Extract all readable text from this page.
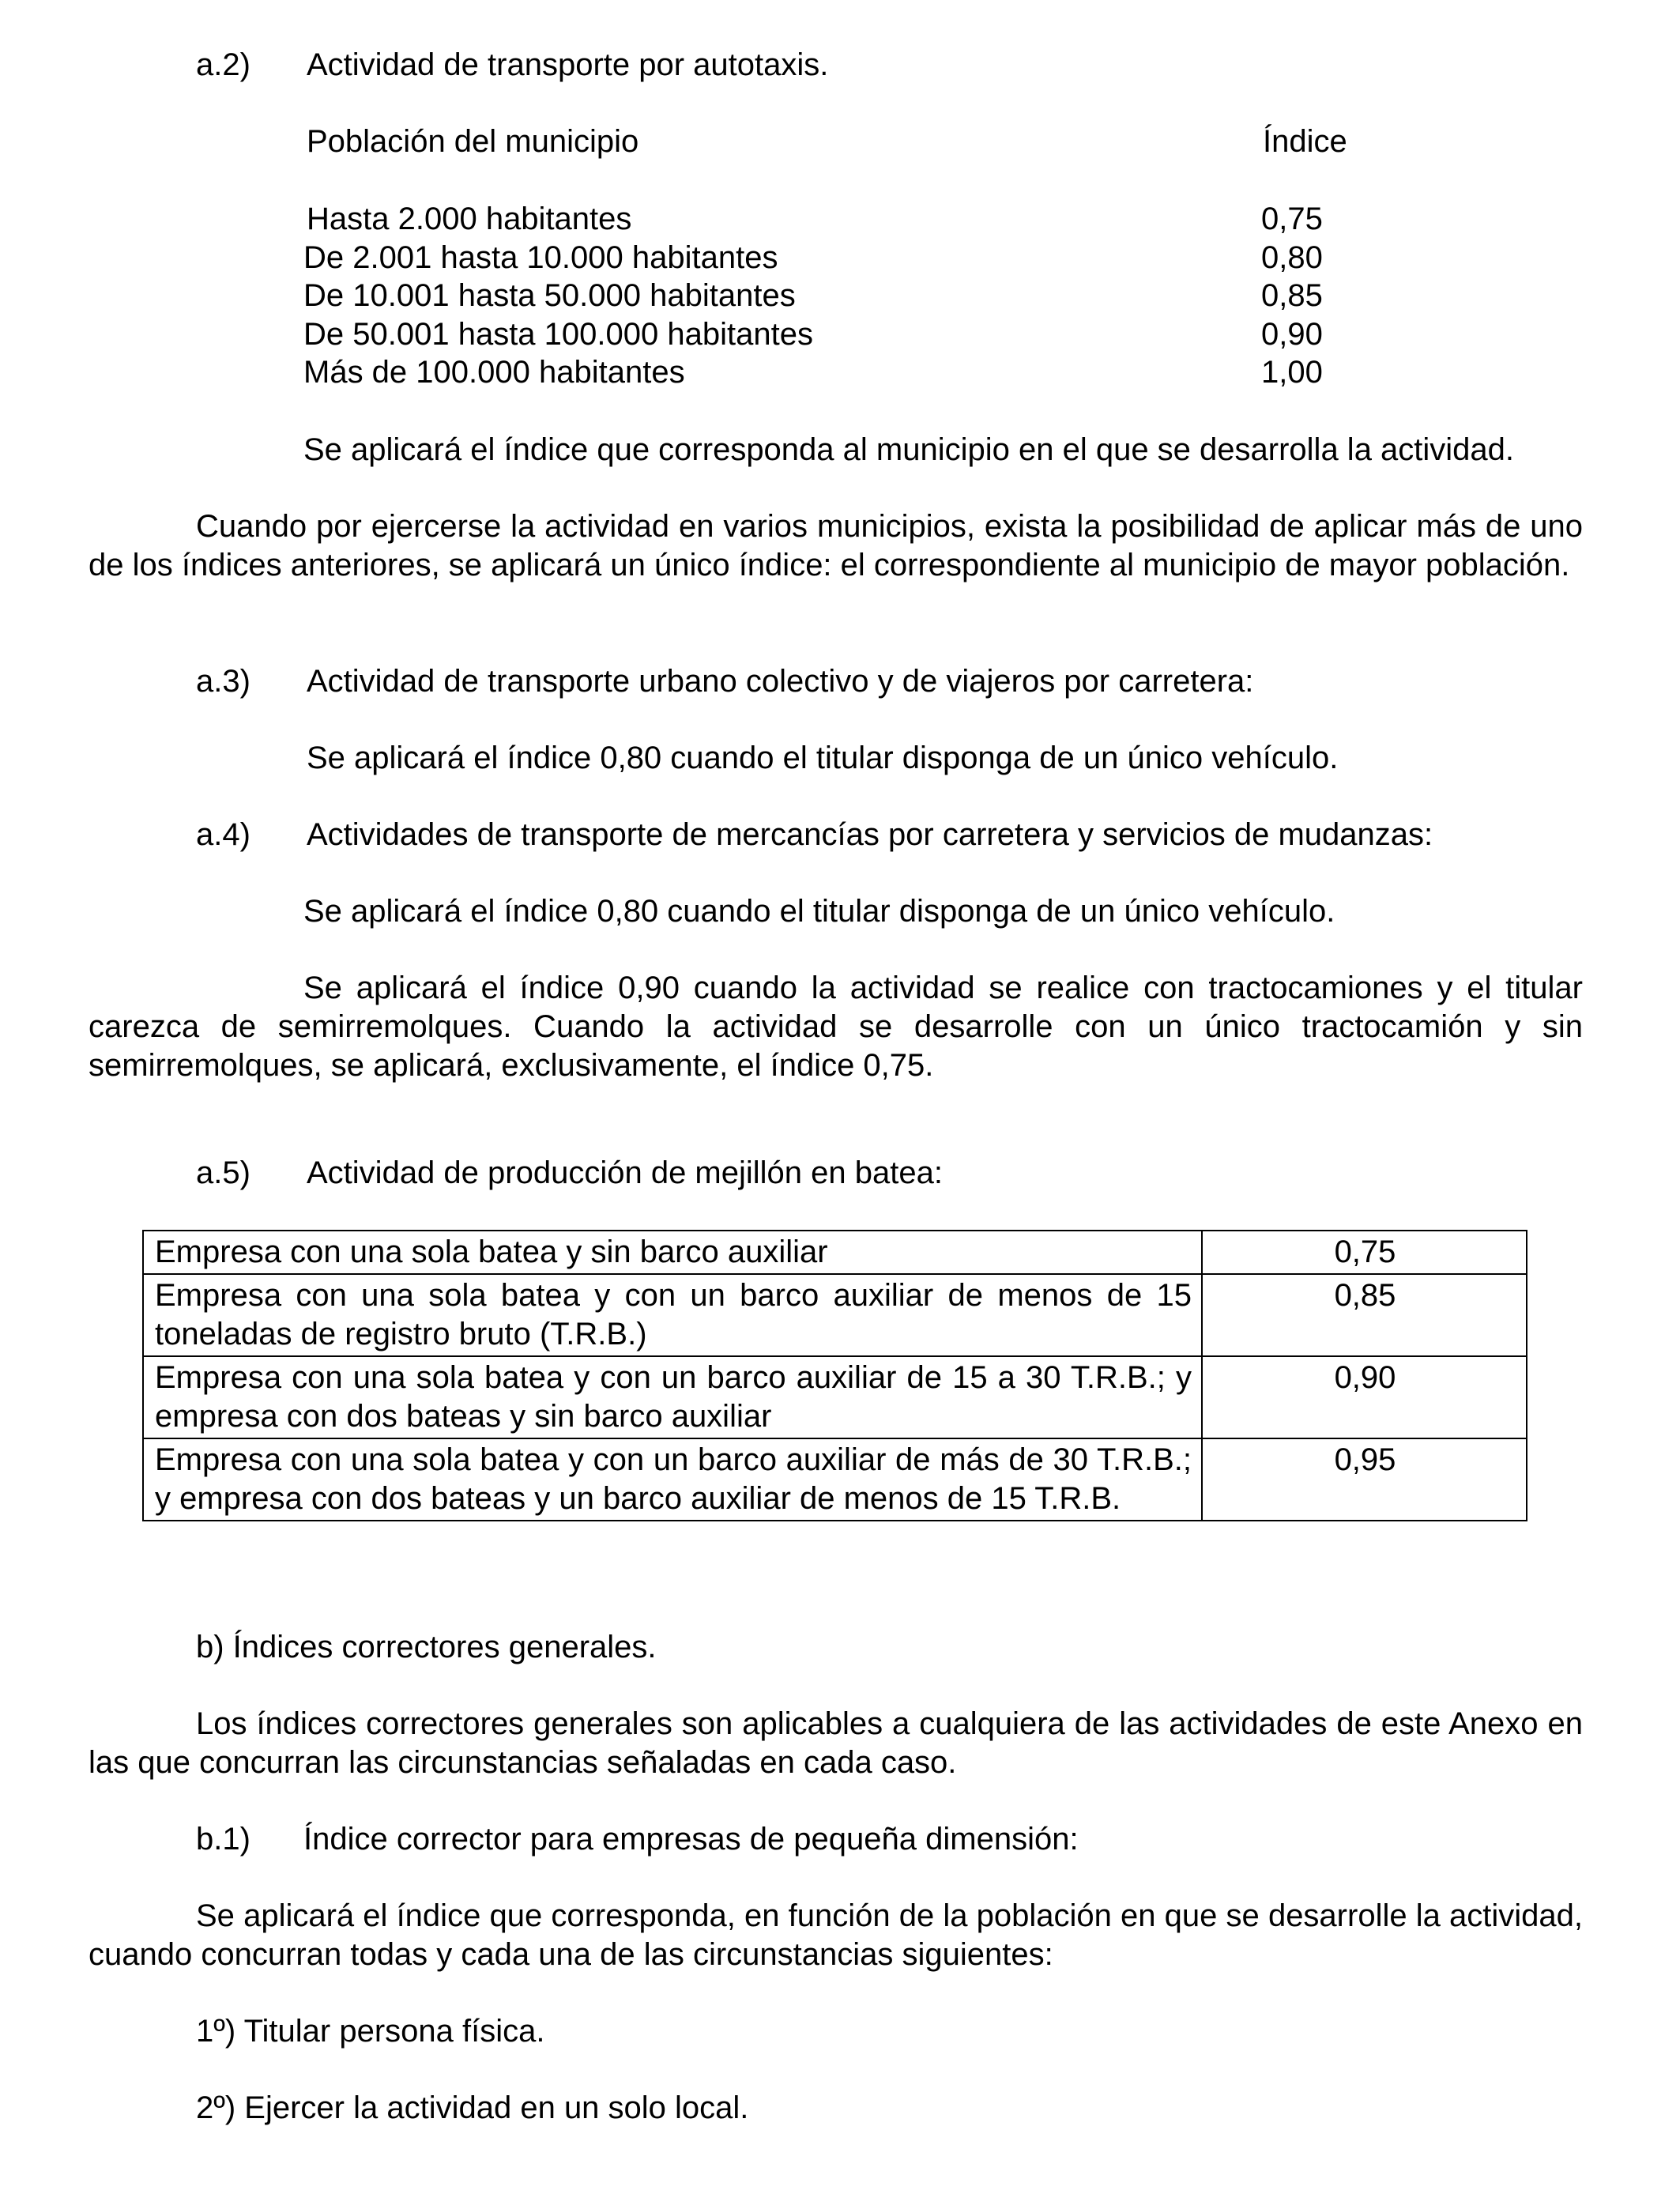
a.2) Actividad de transporte por autotaxis.
Población del municipio	Índice
Hasta 2.000 habitantes	0,75
De 2.001 hasta 10.000 habitantes	0,80
De 10.001 hasta 50.000 habitantes	0,85
De 50.001 hasta 100.000 habitantes	0,90
Más de 100.000 habitantes	1,00
Se aplicará el índice que corresponda al municipio en el que se desarrolla la actividad.
Cuando por ejercerse la actividad en varios municipios, exista la posibilidad de aplicar más de uno de los índices anteriores, se aplicará un único índice: el correspondiente al municipio de mayor población.
a.3) Actividad de transporte urbano colectivo y de viajeros por carretera:
Se aplicará el índice 0,80 cuando el titular disponga de un único vehículo.
a.4) Actividades de transporte de mercancías por carretera y servicios de mudanzas:
Se aplicará el índice 0,80 cuando el titular disponga de un único vehículo.
Se aplicará el índice 0,90 cuando la actividad se realice con tractocamiones y el titular carezca de semirremolques. Cuando la actividad se desarrolle con un único tractocamión y sin semirremolques, se aplicará, exclusivamente, el índice 0,75.
a.5) Actividad de producción de mejillón en batea:
Empresa con una sola batea y sin barco auxiliar	0,75
Empresa con una sola batea y con un barco auxiliar de menos de 15 toneladas de registro bruto (T.R.B.)	0,85
Empresa con una sola batea y con un barco auxiliar de 15 a 30 T.R.B.; y empresa con dos bateas y sin barco auxiliar	0,90
Empresa con una sola batea y con un barco auxiliar de más de 30 T.R.B.; y empresa con dos bateas y un barco auxiliar de menos de 15 T.R.B.	0,95
b) Índices correctores generales.
Los índices correctores generales son aplicables a cualquiera de las actividades de este Anexo en las que concurran las circunstancias señaladas en cada caso.
b.1) Índice corrector para empresas de pequeña dimensión:
Se aplicará el índice que corresponda, en función de la población en que se desarrolle la actividad, cuando concurran todas y cada una de las circunstancias siguientes:
1º) Titular persona física.
2º) Ejercer la actividad en un solo local.
